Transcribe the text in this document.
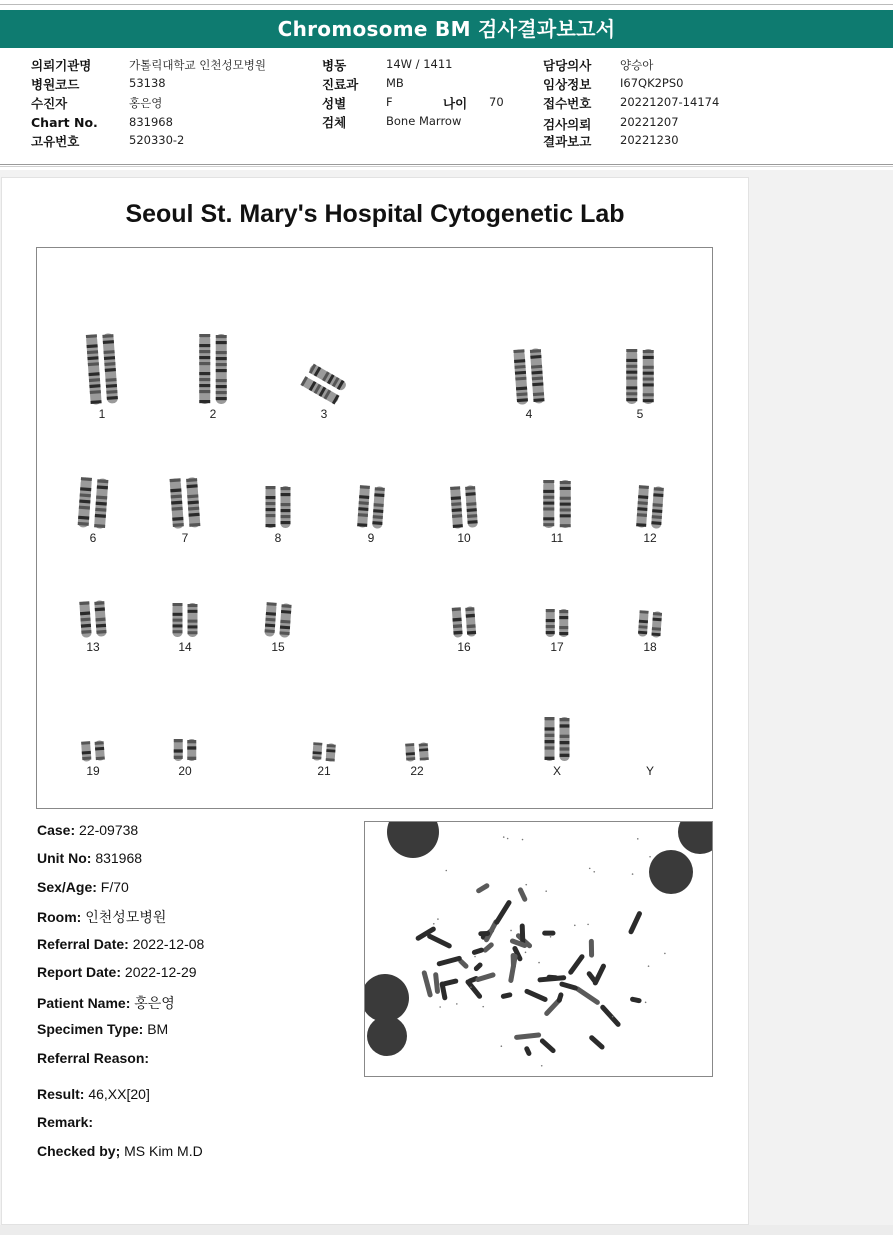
Chromosome BM 검사결과보고서
의뢰기관명	가톨릭대학교 인천성모병원
병원코드	53138
수진자	홍은영
Chart No.	831968
고유번호	520330-2
병동	14W / 1411
진료과 MB
성별	F	나이 70
검체	Bone Marrow
담당의사 양승아
임상정보 I67QK2PS0
접수번호 20221207-14174
검사의뢰 20221207
결과보고 20221230
Seoul St. Mary's Hospital Cytogenetic Lab
1	2	3	4	5
6	7	8	9	10	11	12
13	14	15	16	17	18
19	20	21	22	X	Y
Case: 22-09738
Unit No: 831968
Sex/Age: F/70
Room: 인천성모병원
Referral Date: 2022-12-08
Report Date: 2022-12-29
Patient Name: 홍은영
Specimen Type: BM
Referral Reason:
Result: 46,XX[20]
Remark:
Checked by; MS Kim M.D
